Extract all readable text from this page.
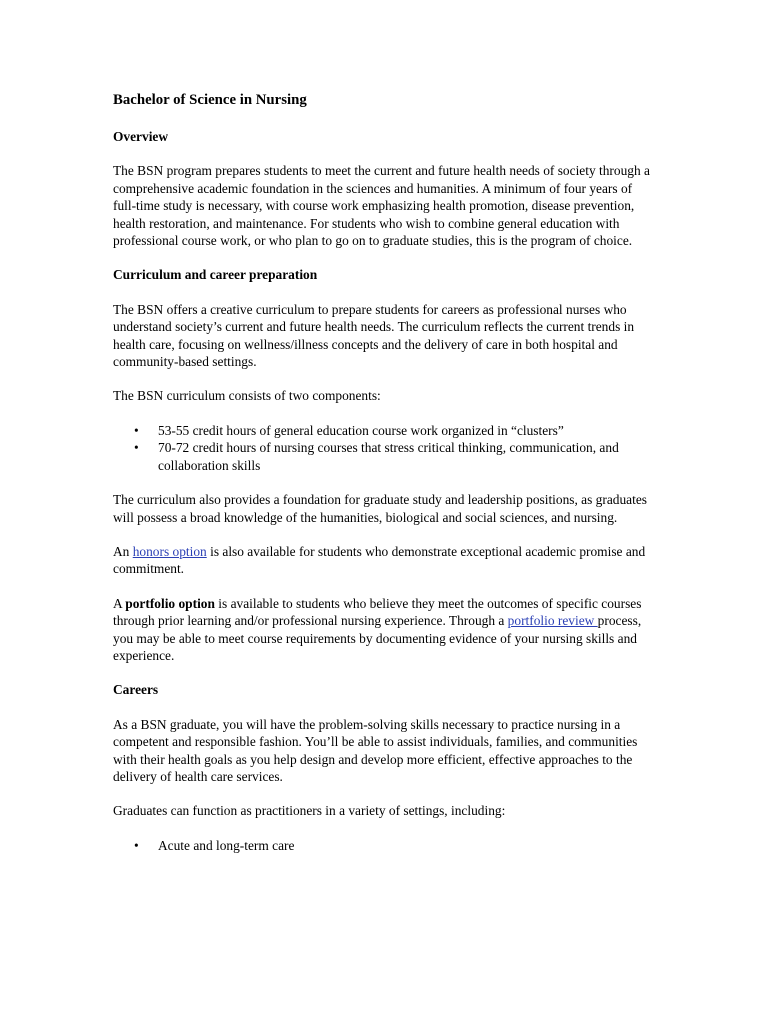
Bachelor of Science in Nursing
Overview

The BSN program prepares students to meet the current and future health needs of society through a comprehensive academic foundation in the sciences and humanities. A minimum of four years of full-time study is necessary, with course work emphasizing health promotion, disease prevention, health restoration, and maintenance. For students who wish to combine general education with professional course work, or who plan to go on to graduate studies, this is the program of choice.

Curriculum and career preparation

The BSN offers a creative curriculum to prepare students for careers as professional nurses who understand society’s current and future health needs. The curriculum reflects the current trends in health care, focusing on wellness/illness concepts and the delivery of care in both hospital and community-based settings.

The BSN curriculum consists of two components:

• 53-55 credit hours of general education course work organized in “clusters”
• 70-72 credit hours of nursing courses that stress critical thinking, communication, and collaboration skills

The curriculum also provides a foundation for graduate study and leadership positions, as graduates will possess a broad knowledge of the humanities, biological and social sciences, and nursing.

An honors option is also available for students who demonstrate exceptional academic promise and commitment.

A portfolio option is available to students who believe they meet the outcomes of specific courses through prior learning and/or professional nursing experience. Through a portfolio review process, you may be able to meet course requirements by documenting evidence of your nursing skills and experience.

Careers

As a BSN graduate, you will have the problem-solving skills necessary to practice nursing in a competent and responsible fashion. You’ll be able to assist individuals, families, and communities with their health goals as you help design and develop more efficient, effective approaches to the delivery of health care services.

Graduates can function as practitioners in a variety of settings, including:

• Acute and long-term care
